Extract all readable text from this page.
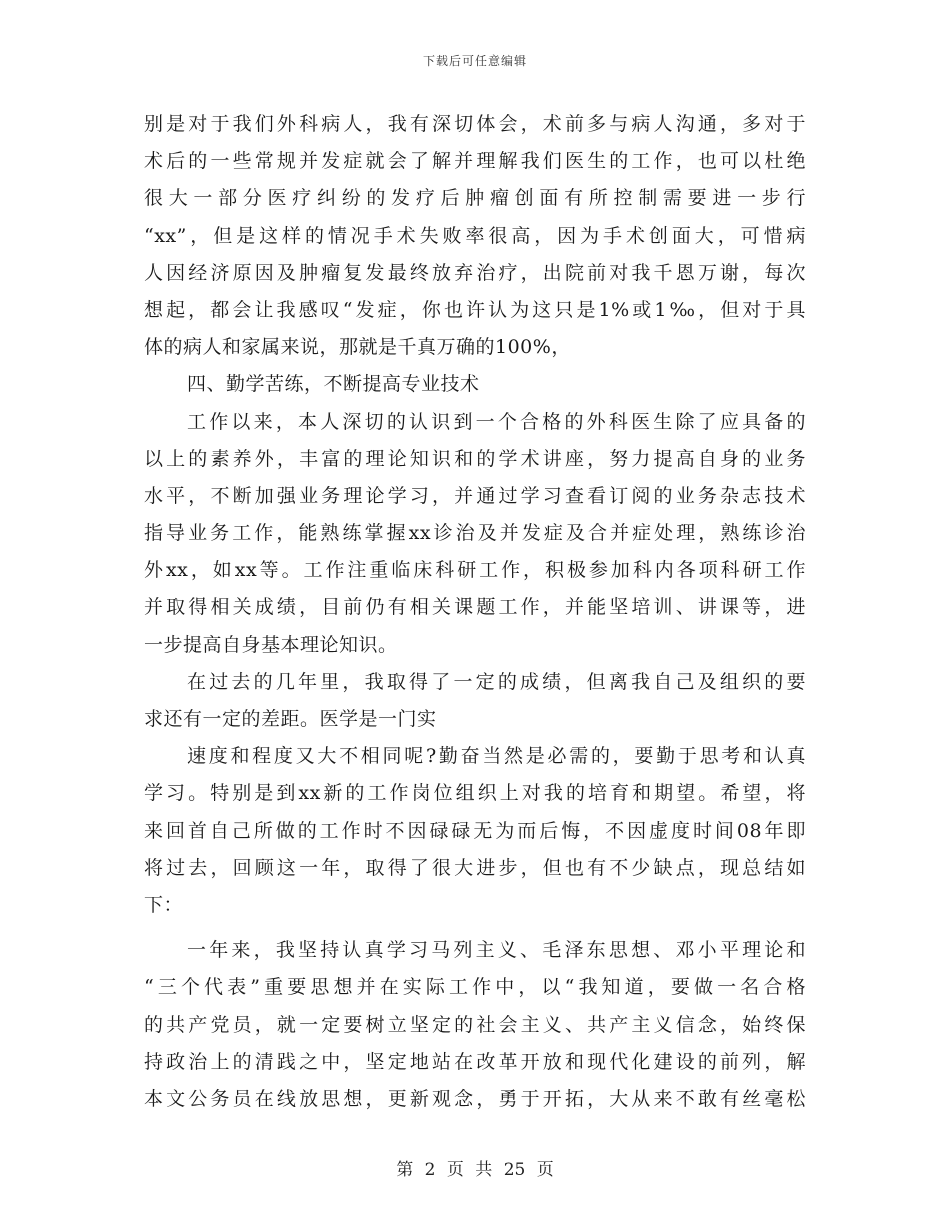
下载后可任意编辑
别是对于我们外科病人，我有深切体会，术前多与病人沟通，多对于
术后的一些常规并发症就会了解并理解我们医生的工作，也可以杜绝
很大一部分医疗纠纷的发疗后肿瘤创面有所控制需要进一步行
“xx”，但是这样的情况手术失败率很高，因为手术创面大，可惜病
人因经济原因及肿瘤复发最终放弃治疗，出院前对我千恩万谢，每次
想起，都会让我感叹“发症，你也许认为这只是1%或1‰，但对于具
体的病人和家属来说，那就是千真万确的100%，
四、勤学苦练，不断提高专业技术
工作以来，本人深切的认识到一个合格的外科医生除了应具备的
以上的素养外，丰富的理论知识和的学术讲座，努力提高自身的业务
水平，不断加强业务理论学习，并通过学习查看订阅的业务杂志技术
指导业务工作，能熟练掌握xx诊治及并发症及合并症处理，熟练诊治
外xx，如xx等。工作注重临床科研工作，积极参加科内各项科研工作
并取得相关成绩，目前仍有相关课题工作，并能坚培训、讲课等，进
一步提高自身基本理论知识。
在过去的几年里，我取得了一定的成绩，但离我自己及组织的要
求还有一定的差距。医学是一门实
速度和程度又大不相同呢?勤奋当然是必需的，要勤于思考和认真
学习。特别是到xx新的工作岗位组织上对我的培育和期望。希望，将
来回首自己所做的工作时不因碌碌无为而后悔，不因虚度时间08年即
将过去，回顾这一年，取得了很大进步，但也有不少缺点，现总结如
下：
一年来，我坚持认真学习马列主义、毛泽东思想、邓小平理论和
“三个代表”重要思想并在实际工作中，以“我知道，要做一名合格
的共产党员，就一定要树立坚定的社会主义、共产主义信念，始终保
持政治上的清践之中，坚定地站在改革开放和现代化建设的前列，解
本文公务员在线放思想，更新观念，勇于开拓，大从来不敢有丝毫松
第 2 页 共 25 页
